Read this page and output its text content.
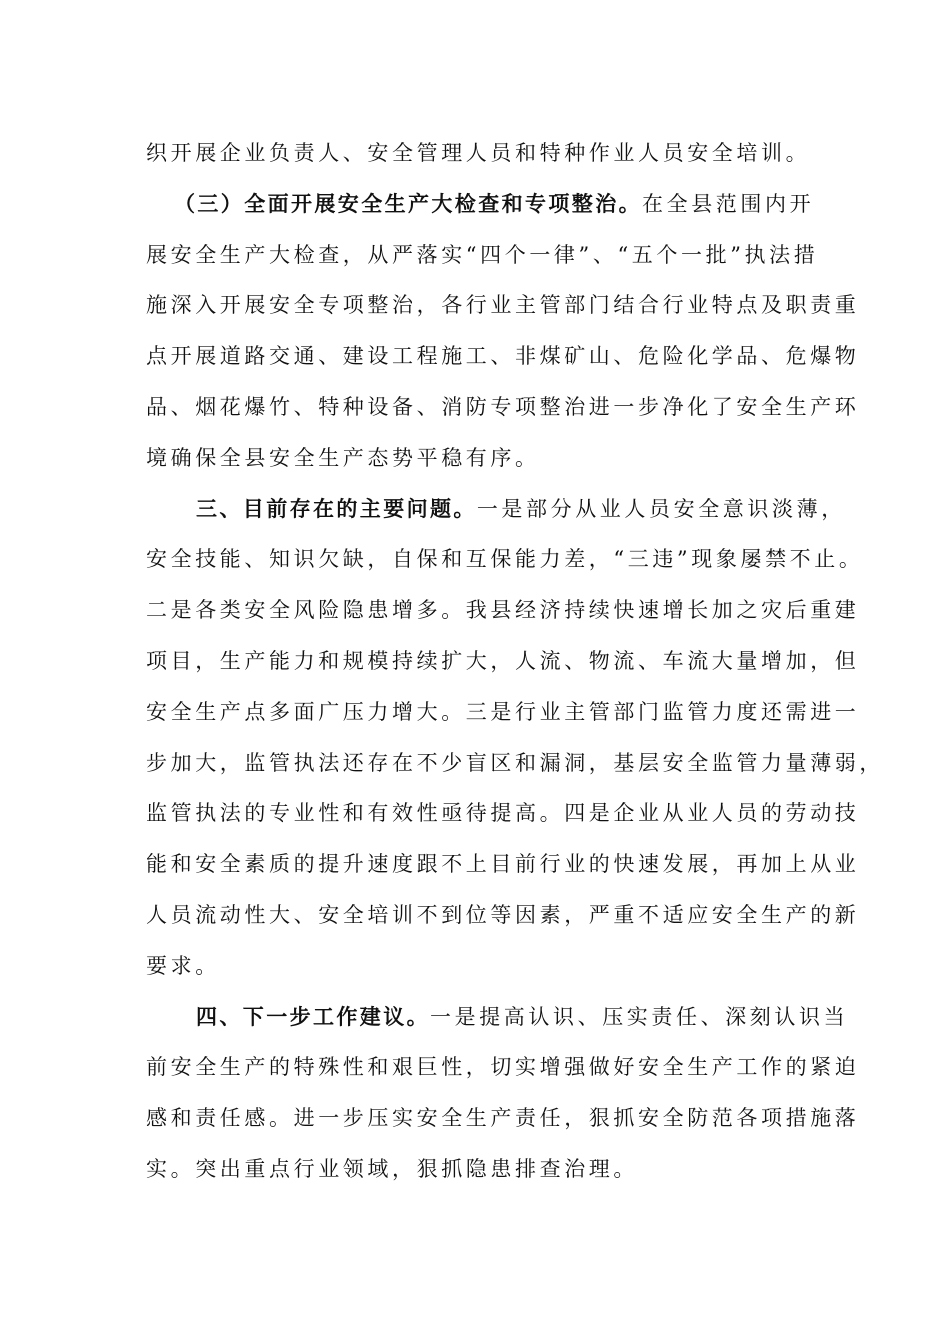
织开展企业负责人、安全管理人员和特种作业人员安全培训。
（三）全面开展安全生产大检查和专项整治。在全县范围内开
展安全生产大检查，从严落实“四个一律”、“五个一批”执法措
施深入开展安全专项整治，各行业主管部门结合行业特点及职责重
点开展道路交通、建设工程施工、非煤矿山、危险化学品、危爆物
品、烟花爆竹、特种设备、消防专项整治进一步净化了安全生产环
境确保全县安全生产态势平稳有序。
三、目前存在的主要问题。一是部分从业人员安全意识淡薄，
安全技能、知识欠缺，自保和互保能力差，“三违”现象屡禁不止。
二是各类安全风险隐患增多。我县经济持续快速增长加之灾后重建
项目，生产能力和规模持续扩大，人流、物流、车流大量增加，但
安全生产点多面广压力增大。三是行业主管部门监管力度还需进一
步加大，监管执法还存在不少盲区和漏洞，基层安全监管力量薄弱，
监管执法的专业性和有效性亟待提高。四是企业从业人员的劳动技
能和安全素质的提升速度跟不上目前行业的快速发展，再加上从业
人员流动性大、安全培训不到位等因素，严重不适应安全生产的新
要求。
四、下一步工作建议。一是提高认识、压实责任、深刻认识当
前安全生产的特殊性和艰巨性，切实增强做好安全生产工作的紧迫
感和责任感。进一步压实安全生产责任，狠抓安全防范各项措施落
实。突出重点行业领域，狠抓隐患排查治理。
